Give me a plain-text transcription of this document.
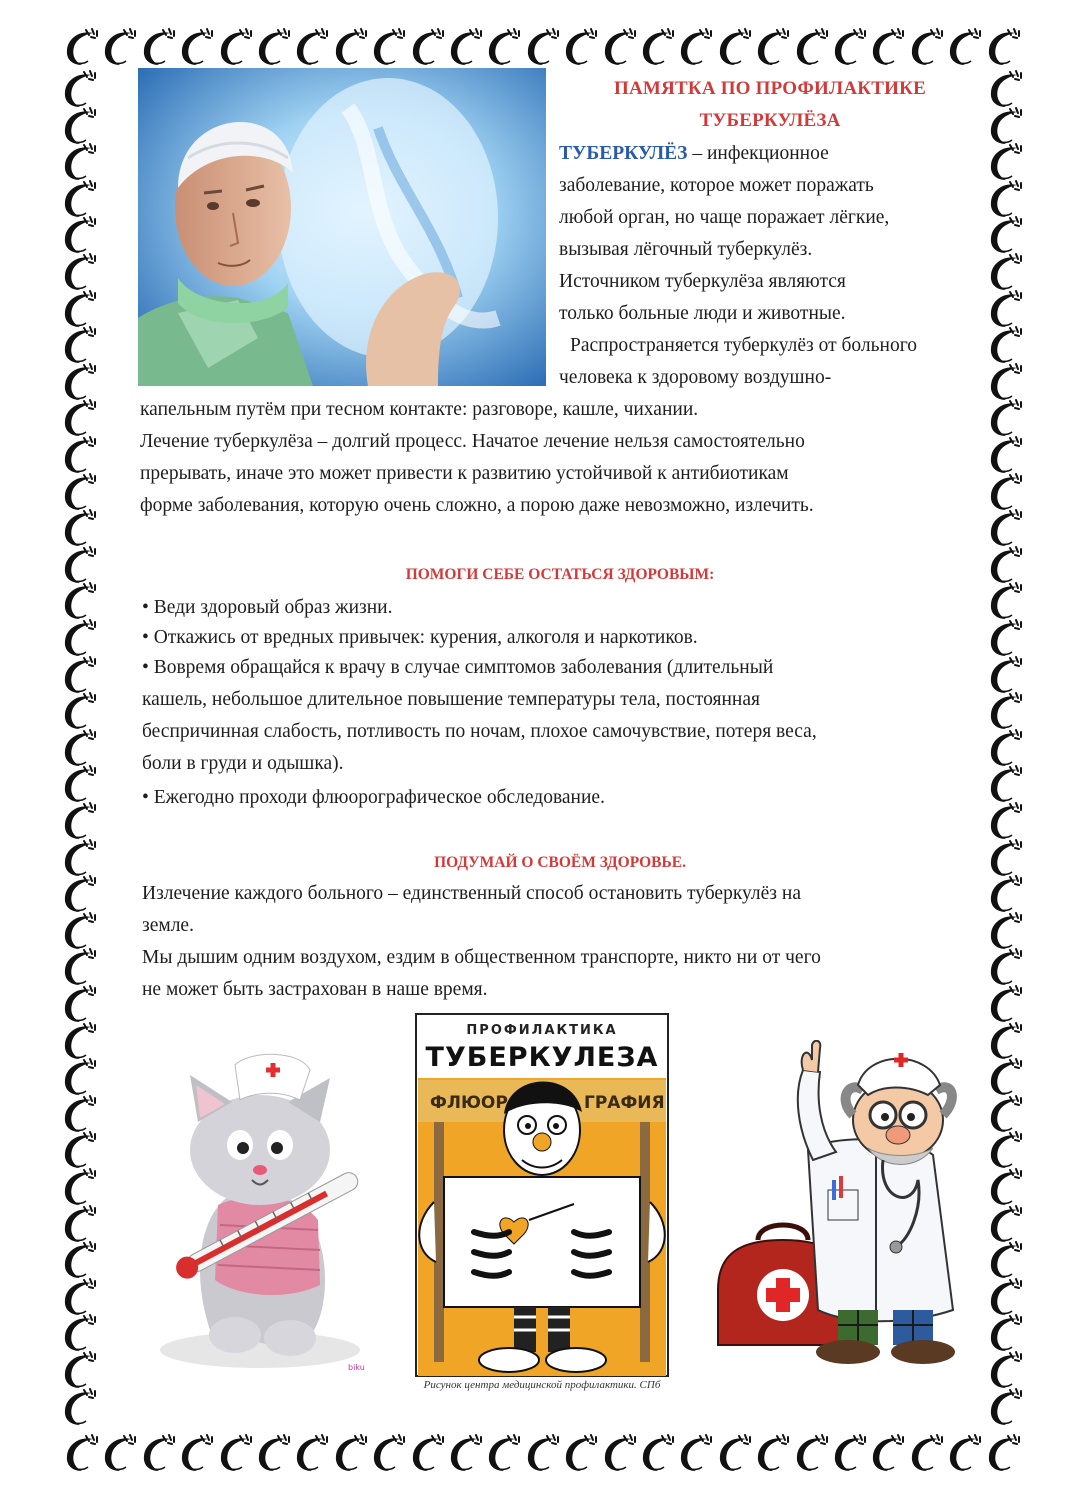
ПАМЯТКА ПО ПРОФИЛАКТИКЕ
ТУБЕРКУЛЁЗА
ТУБЕРКУЛЁЗ – инфекционное
заболевание, которое может поражать
любой орган, но чаще поражает лёгкие,
вызывая лёгочный туберкулёз.
Источником туберкулёза являются
только больные люди и животные.
Распространяется туберкулёз от больного
человека к здоровому воздушно-
капельным путём при тесном контакте: разговоре, кашле, чихании.
Лечение туберкулёза – долгий процесс. Начатое лечение нельзя самостоятельно
прерывать, иначе это может привести к развитию устойчивой к антибиотикам
форме заболевания, которую очень сложно, а порою даже невозможно, излечить.
ПОМОГИ СЕБЕ ОСТАТЬСЯ ЗДОРОВЫМ:
• Веди здоровый образ жизни.
• Откажись от вредных привычек: курения, алкоголя и наркотиков.
• Вовремя обращайся к врачу в случае симптомов заболевания (длительный
кашель, небольшое длительное повышение температуры тела, постоянная
беспричинная слабость, потливость по ночам, плохое самочувствие, потеря веса,
боли в груди и одышка).
• Ежегодно проходи флюорографическое обследование.
ПОДУМАЙ О СВОЁМ ЗДОРОВЬЕ.
Излечение каждого больного – единственный способ остановить туберкулёз на
земле.
Мы дышим одним воздухом, ездим в общественном транспорте, никто ни от чего
не может быть застрахован в наше время.
biku
ПРОФИЛАКТИКА
ТУБЕРКУЛЕЗА
ФЛЮОР	ГРАФИЯ
Рисунок центра медицинской профилактики. СПб
